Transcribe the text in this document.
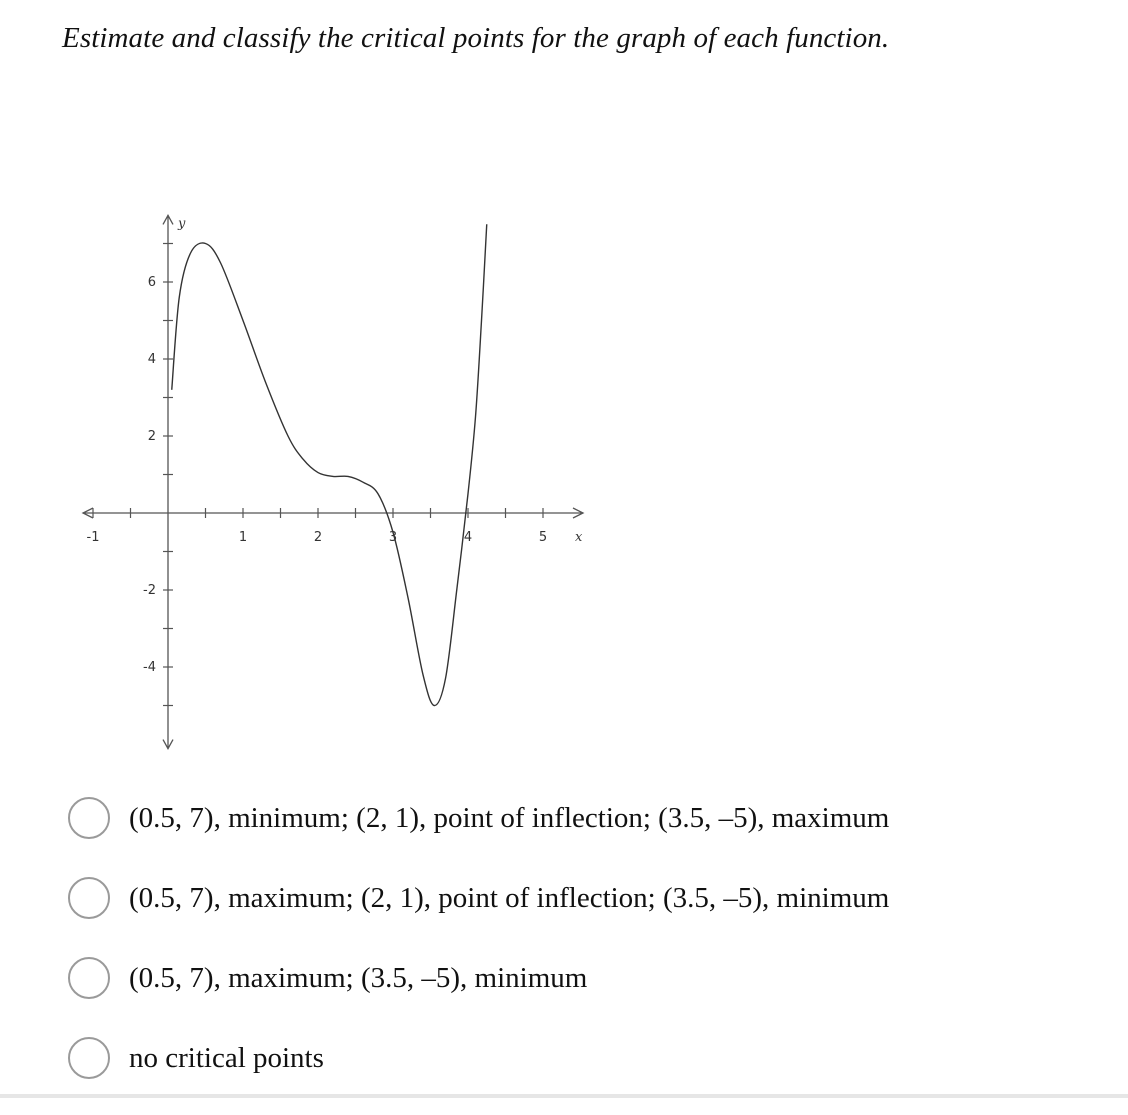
Estimate and classify the critical points for the graph of each function.
-1	1	2	3	4	5
6
4
2
-2
-4
x
y
(0.5, 7), minimum; (2, 1), point of inflection; (3.5, –5), maximum
(0.5, 7), maximum; (2, 1), point of inflection; (3.5, –5), minimum
(0.5, 7), maximum; (3.5, –5), minimum
no critical points
